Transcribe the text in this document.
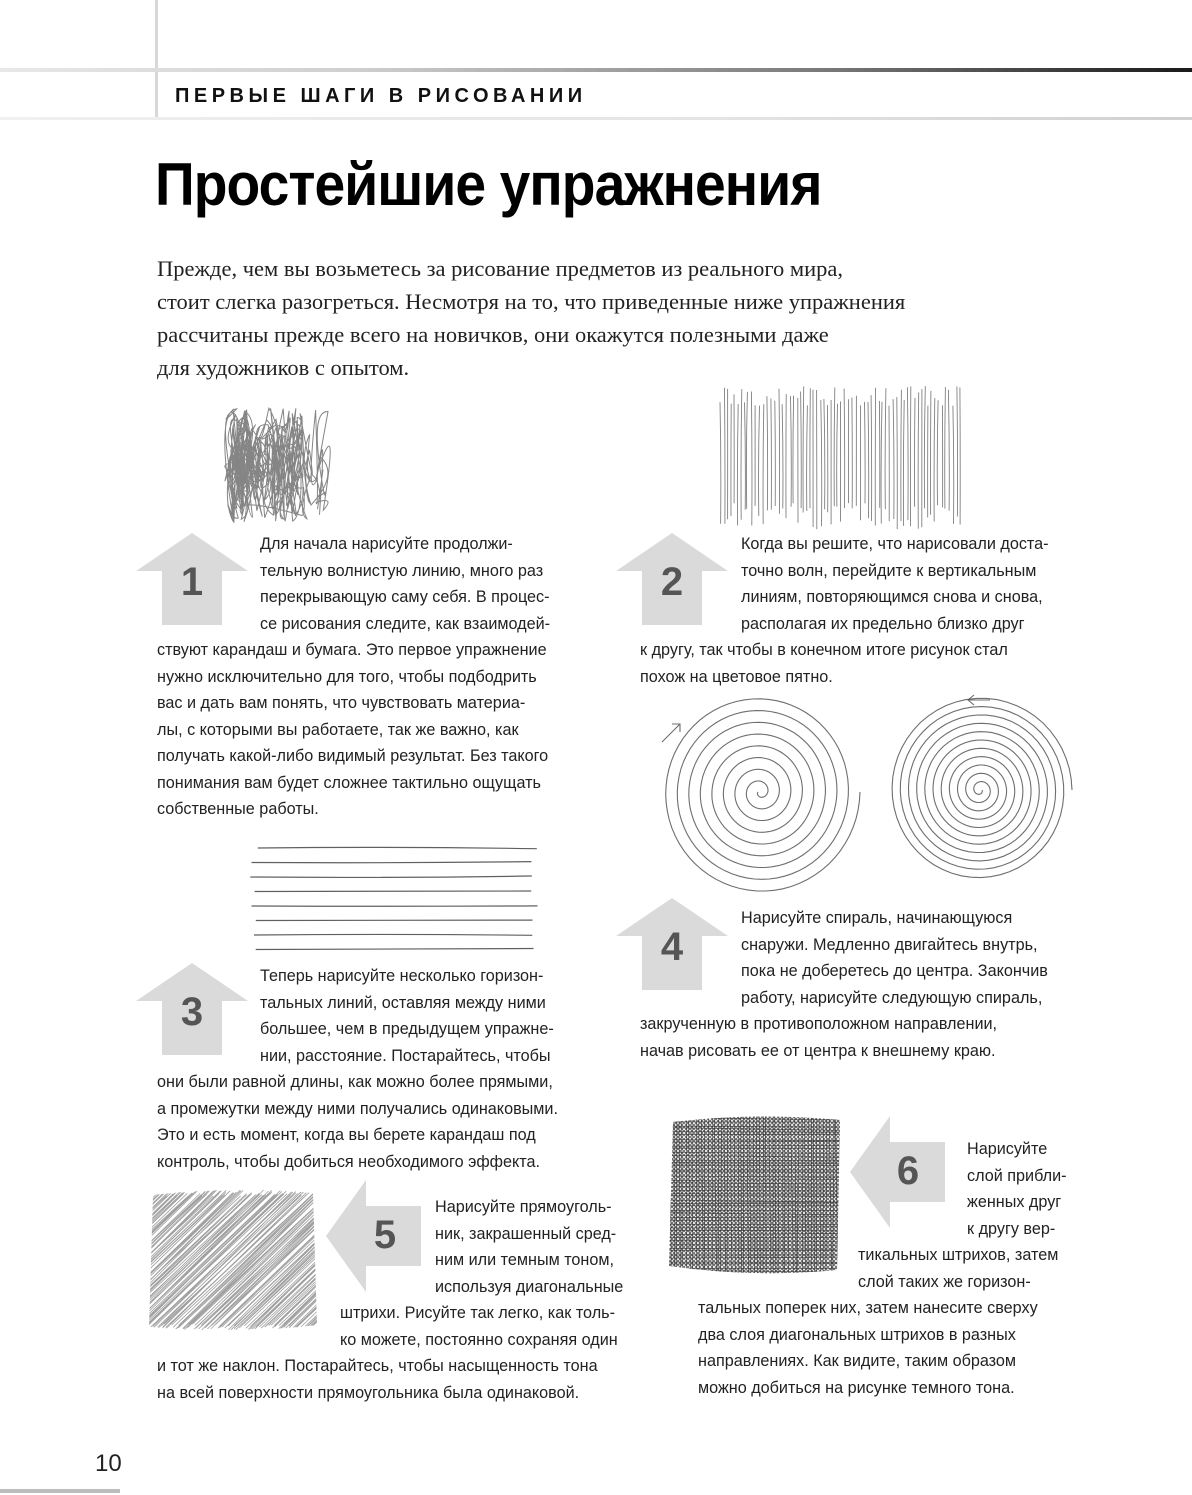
ПЕРВЫЕ ШАГИ В РИСОВАНИИ
Простейшие упражнения
Прежде, чем вы возьметесь за рисование предметов из реального мира,
стоит слегка разогреться. Несмотря на то, что приведенные ниже упражнения
рассчитаны прежде всего на новичков, они окажутся полезными даже
для художников с опытом.
1	2
3
4
5
6
Для начала нарисуйте продолжи-
тельную волнистую линию, много раз
перекрывающую саму себя. В процес-
се рисования следите, как взаимодей-
ствуют карандаш и бумага. Это первое упражнение
нужно исключительно для того, чтобы подбодрить
вас и дать вам понять, что чувствовать материа-
лы, с которыми вы работаете, так же важно, как
получать какой-либо видимый результат. Без такого
понимания вам будет сложнее тактильно ощущать
собственные работы.
Когда вы решите, что нарисовали доста-
точно волн, перейдите к вертикальным
линиям, повторяющимся снова и снова,
располагая их предельно близко друг
к другу, так чтобы в конечном итоге рисунок стал
похож на цветовое пятно.
Теперь нарисуйте несколько горизон-
тальных линий, оставляя между ними
большее, чем в предыдущем упражне-
нии, расстояние. Постарайтесь, чтобы
они были равной длины, как можно более прямыми,
а промежутки между ними получались одинаковыми.
Это и есть момент, когда вы берете карандаш под
контроль, чтобы добиться необходимого эффекта.
Нарисуйте спираль, начинающуюся
снаружи. Медленно двигайтесь внутрь,
пока не доберетесь до центра. Закончив
работу, нарисуйте следующую спираль,
закрученную в противоположном направлении,
начав рисовать ее от центра к внешнему краю.
Нарисуйте прямоуголь-
ник, закрашенный сред-
ним или темным тоном,
используя диагональные
штрихи. Рисуйте так легко, как толь-
ко можете, постоянно сохраняя один
и тот же наклон. Постарайтесь, чтобы насыщенность тона
на всей поверхности прямоугольника была одинаковой.
Нарисуйте
слой прибли-
женных друг
к другу вер-
тикальных штрихов, затем
слой таких же горизон-
тальных поперек них, затем нанесите сверху
два слоя диагональных штрихов в разных
направлениях. Как видите, таким образом
можно добиться на рисунке темного тона.
10
